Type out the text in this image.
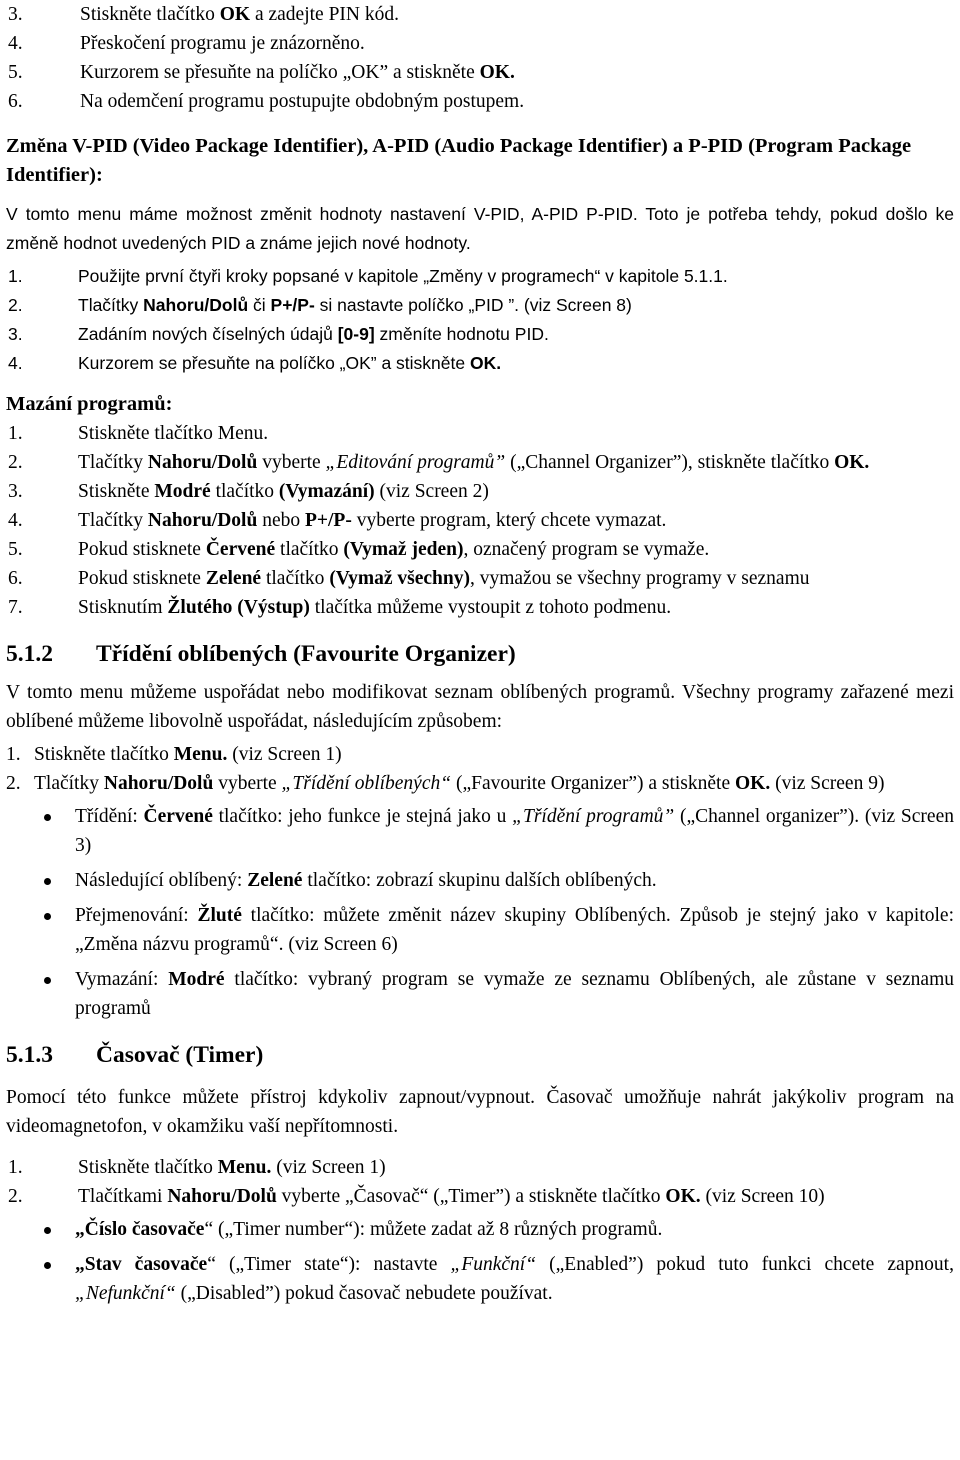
3.	Stiskněte tlačítko OK a zadejte PIN kód.
4.	Přeskočení programu je znázorněno.
5.	Kurzorem se přesuňte na políčko „OK” a stiskněte OK.
6.	Na odemčení programu postupujte obdobným postupem.
Změna V-PID (Video Package Identifier), A-PID (Audio Package Identifier) a P-PID (Program Package Identifier):

V tomto menu máme možnost změnit hodnoty nastavení V-PID, A-PID P-PID. Toto je potřeba tehdy, pokud došlo ke změně hodnot uvedených PID a známe jejich nové hodnoty.

1.	Použijte první čtyři kroky popsané v kapitole „Změny v programech“ v kapitole 5.1.1.
2.	Tlačítky Nahoru/Dolů či P+/P- si nastavte políčko „PID ”. (viz Screen 8)
3.	Zadáním nových číselných údajů [0-9] změníte hodnotu PID.
4.	Kurzorem se přesuňte na políčko „OK” a stiskněte OK.
Mazání programů:
1.	Stiskněte tlačítko Menu.
2.	Tlačítky Nahoru/Dolů vyberte „Editování programů” („Channel Organizer”), stiskněte tlačítko OK.
3.	Stiskněte Modré tlačítko (Vymazání) (viz Screen 2)
4.	Tlačítky Nahoru/Dolů nebo P+/P- vyberte program, který chcete vymazat.
5.	Pokud stisknete Červené tlačítko (Vymaž jeden), označený program se vymaže.
6.	Pokud stisknete Zelené tlačítko (Vymaž všechny), vymažou se všechny programy v seznamu
7.	Stisknutím Žlutého (Výstup) tlačítka můžeme vystoupit z tohoto podmenu.
5.1.2 Třídění oblíbených (Favourite Organizer)

V tomto menu můžeme uspořádat nebo modifikovat seznam oblíbených programů. Všechny programy zařazené mezi oblíbené můžeme libovolně uspořádat, následujícím způsobem:

1. Stiskněte tlačítko Menu. (viz Screen 1)
2. Tlačítky Nahoru/Dolů vyberte „Třídění oblíbených“ („Favourite Organizer”) a stiskněte OK. (viz Screen 9)
Třídění: Červené tlačítko: jeho funkce je stejná jako u „Třídění programů” („Channel organizer”). (viz Screen 3)
Následující oblíbený: Zelené tlačítko: zobrazí skupinu dalších oblíbených.
Přejmenování: Žluté tlačítko: můžete změnit název skupiny Oblíbených. Způsob je stejný jako v kapitole: „Změna názvu programů“. (viz Screen 6)
Vymazání: Modré tlačítko: vybraný program se vymaže ze seznamu Oblíbených, ale zůstane v seznamu programů
5.1.3 Časovač (Timer)

Pomocí této funkce můžete přístroj kdykoliv zapnout/vypnout. Časovač umožňuje nahrát jakýkoliv program na videomagnetofon, v okamžiku vaší nepřítomnosti.

1.	Stiskněte tlačítko Menu. (viz Screen 1)
2.	Tlačítkami Nahoru/Dolů vyberte „Časovač“ („Timer”) a stiskněte tlačítko OK. (viz Screen 10)
„Číslo časovače“ („Timer number“): můžete zadat až 8 různých programů.
„Stav časovače“ („Timer state“): nastavte „Funkční“ („Enabled”) pokud tuto funkci chcete zapnout, „Nefunkční“ („Disabled”) pokud časovač nebudete používat.
